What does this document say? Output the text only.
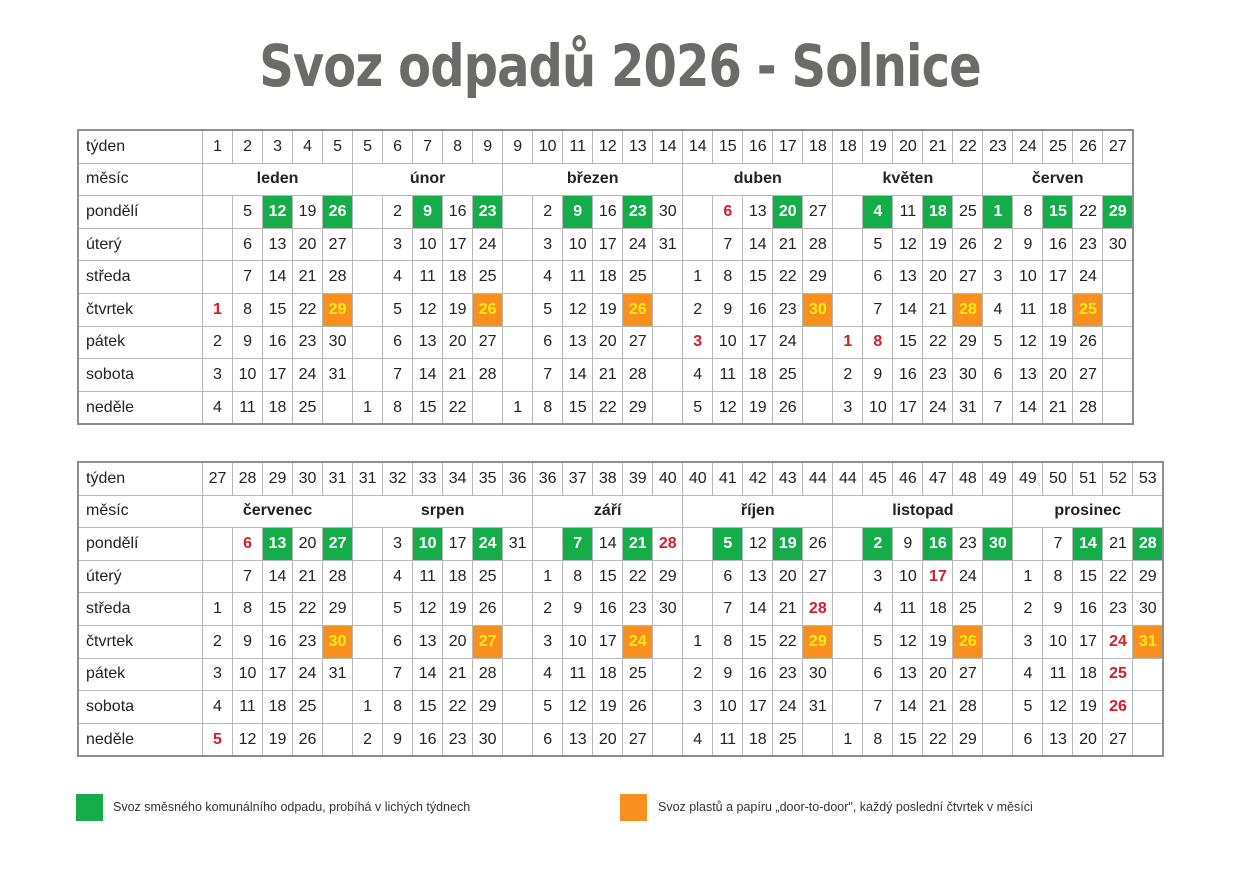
Svoz odpadů 2026 - Solnice
týden	1	2	3	4	5	5	6	7	8	9	9	10	11	12	13	14	14	15	16	17	18	18	19	20	21	22	23	24	25	26	27
měsíc	leden					únor					březen						duben					květen					červen				
pondělí		5	12	19	26		2	9	16	23		2	9	16	23	30		6	13	20	27		4	11	18	25	1	8	15	22	29
úterý		6	13	20	27		3	10	17	24		3	10	17	24	31		7	14	21	28		5	12	19	26	2	9	16	23	30
středa		7	14	21	28		4	11	18	25		4	11	18	25		1	8	15	22	29		6	13	20	27	3	10	17	24	
čtvrtek	1	8	15	22	29		5	12	19	26		5	12	19	26		2	9	16	23	30		7	14	21	28	4	11	18	25	
pátek	2	9	16	23	30		6	13	20	27		6	13	20	27		3	10	17	24		1	8	15	22	29	5	12	19	26	
sobota	3	10	17	24	31		7	14	21	28		7	14	21	28		4	11	18	25		2	9	16	23	30	6	13	20	27	
neděle	4	11	18	25		1	8	15	22		1	8	15	22	29		5	12	19	26		3	10	17	24	31	7	14	21	28	
týden	27	28	29	30	31	31	32	33	34	35	36	36	37	38	39	40	40	41	42	43	44	44	45	46	47	48	49	49	50	51	52	53
měsíc	červenec					srpen						září					říjen					listopad						prosinec				
pondělí		6	13	20	27		3	10	17	24	31		7	14	21	28		5	12	19	26		2	9	16	23	30		7	14	21	28
úterý		7	14	21	28		4	11	18	25		1	8	15	22	29		6	13	20	27		3	10	17	24		1	8	15	22	29
středa	1	8	15	22	29		5	12	19	26		2	9	16	23	30		7	14	21	28		4	11	18	25		2	9	16	23	30
čtvrtek	2	9	16	23	30		6	13	20	27		3	10	17	24		1	8	15	22	29		5	12	19	26		3	10	17	24	31
pátek	3	10	17	24	31		7	14	21	28		4	11	18	25		2	9	16	23	30		6	13	20	27		4	11	18	25	
sobota	4	11	18	25		1	8	15	22	29		5	12	19	26		3	10	17	24	31		7	14	21	28		5	12	19	26	
neděle	5	12	19	26		2	9	16	23	30		6	13	20	27		4	11	18	25		1	8	15	22	29		6	13	20	27	
Svoz směsného komunálního odpadu, probíhá v lichých týdnech	Svoz plastů a papíru „door-to-door", každý poslední čtvrtek v měsíci
